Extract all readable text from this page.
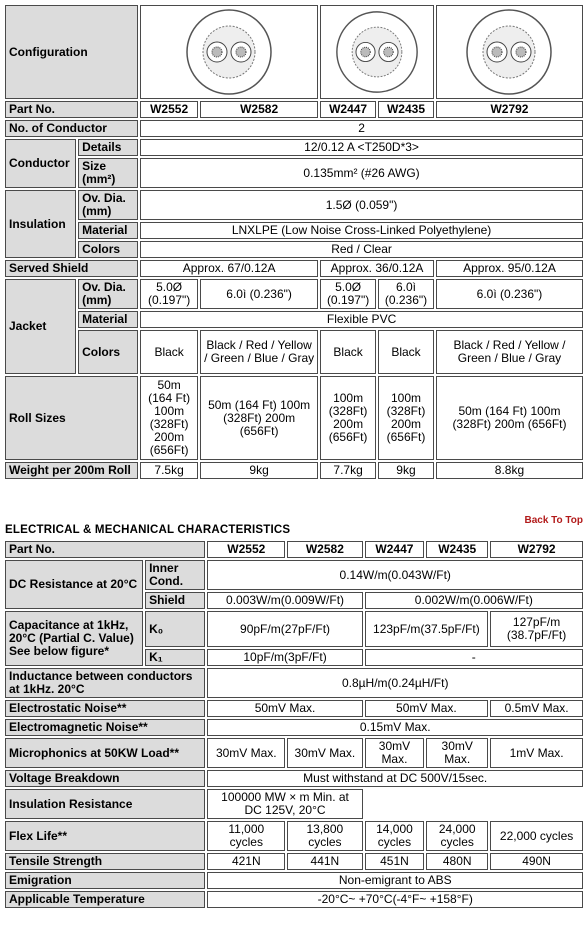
Configuration	

Part No.		W2552	W2582	W2447	W2435	W2792
No. of Conductor		2				
Conductor	Details	12/0.12 A <T250D*3>				
	Size (mm²)	0.135mm² (#26 AWG)				
Insulation	Ov. Dia. (mm)	1.5Ø (0.059")				
	Material	LNXLPE (Low Noise Cross-Linked Polyethylene)				
	Colors	Red / Clear				
Served Shield		Approx. 67/0.12A		Approx. 36/0.12A		Approx. 95/0.12A
Jacket	Ov. Dia. (mm)	5.0Ø (0.197")	6.0ì (0.236")	5.0Ø (0.197")	6.0ì (0.236")	6.0ì (0.236")
	Material	Flexible PVC				
	Colors	Black	Black / Red / Yellow / Green / Blue / Gray	Black	Black	Black / Red / Yellow / Green / Blue / Gray
Roll Sizes		50m (164 Ft) 100m (328Ft) 200m (656Ft)	50m (164 Ft) 100m (328Ft) 200m (656Ft)	100m (328Ft) 200m (656Ft)	100m (328Ft) 200m (656Ft)	50m (164 Ft) 100m (328Ft) 200m (656Ft)
Weight per 200m Roll		7.5kg	9kg	7.7kg	9kg	8.8kg
Back To Top
ELECTRICAL & MECHANICAL CHARACTERISTICS
Part No.		W2552	W2582	W2447	W2435	W2792
DC Resistance at 20°C	Inner Cond.	0.14W/m(0.043W/Ft)				
	Shield	0.003W/m(0.009W/Ft)		0.002W/m(0.006W/Ft)		
Capacitance at 1kHz, 20°C (Partial C. Value) See below figure*	K₀	90pF/m(27pF/Ft)		123pF/m(37.5pF/Ft)		127pF/m (38.7pF/Ft)
	K₁	10pF/m(3pF/Ft)		-		
Inductance between conductors at 1kHz. 20°C		0.8µH/m(0.24µH/Ft)				
Electrostatic Noise**		50mV Max.		50mV Max.		0.5mV Max.
Electromagnetic Noise**		0.15mV Max.				
Microphonics at 50KW Load**		30mV Max.	30mV Max.	30mV Max.	30mV Max.	1mV Max.
Voltage Breakdown		Must withstand at DC 500V/15sec.				
Insulation Resistance		100000 MW × m Min. at DC 125V, 20°C				
Flex Life**		11,000 cycles	13,800 cycles	14,000 cycles	24,000 cycles	22,000 cycles
Tensile Strength		421N	441N	451N	480N	490N
Emigration		Non-emigrant to ABS				
Applicable Temperature		-20°C~ +70°C(-4°F~ +158°F)				
